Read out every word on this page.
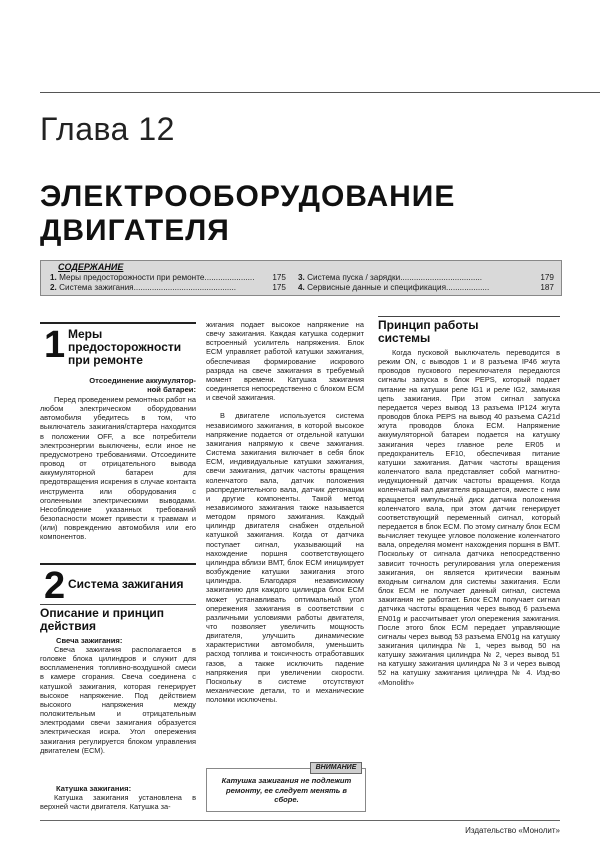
Глава 12
ЭЛЕКТРООБОРУДОВАНИЕ
ДВИГАТЕЛЯ
СОДЕРЖАНИЕ
1. Меры предосторожности при ремонте...................... 175
2. Система зажигания.............................................	175
3. Система пуска / зарядки....................................	179
4. Сервисные данные и спецификация...................	187
1 Меры
предосторожности
при ремонте
Отсоединение аккумулятор-
ной батареи:

Перед проведением ремонтных работ на любом электрическом оборудовании автомобиля убедитесь в том, что выключатель зажигания/стартера находится в положении OFF, а все потребители электроэнергии выключены, если иное не предусмотрено требованиями. Отсоедините провод от отрицательного вывода аккумуляторной батареи для предотвращения искрения в случае контакта инструмента или оборудования с оголенными электрическими выводами. Несоблюдение указанных требований безопасности может привести к травмам и (или) повреждению автомобиля или его компонентов.

2 Система зажигания
Описание и принцип
действия
Свеча зажигания:

Свеча зажигания располагается в головке блока цилиндров и служит для воспламенения топливно-воздушной смеси в камере сгорания. Свеча соединена с катушкой зажигания, которая генерирует высокое напряжение. Под действием высокого напряжения между положительным и отрицательным электродами свечи зажигания образуется электрическая искра. Угол опережения зажигания регулируется блоком управления двигателем (ECM).

Катушка зажигания:

Катушка зажигания установлена в верхней части двигателя. Катушка за-

жигания подает высокое напряжение на свечу зажигания. Каждая катушка содержит встроенный усилитель напряжения. Блок ECM управляет работой катушки зажигания, обеспечивая формирование искрового разряда на свече зажигания в требуемый момент времени. Катушка зажигания соединяется непосредственно с блоком ECM и свечой зажигания.

В двигателе используется система независимого зажигания, в которой высокое напряжение подается от отдельной катушки зажигания напрямую к свече зажигания. Система зажигания включает в себя блок ECM, индивидуальные катушки зажигания, свечи зажигания, датчик частоты вращения коленчатого вала, датчик положения распределительного вала, датчик детонации и другие компоненты. Такой метод независимого зажигания также называется методом прямого зажигания. Каждый цилиндр двигателя снабжен отдельной катушкой зажигания. Когда от датчика поступает сигнал, указывающий на нахождение поршня соответствующего цилиндра вблизи ВМТ, блок ECM инициирует возбуждение катушки зажигания этого цилиндра. Благодаря независимому зажиганию для каждого цилиндра блок ECM может устанавливать оптимальный угол опережения зажигания в соответствии с различными условиями работы двигателя, что позволяет увеличить мощность двигателя, улучшить динамические характеристики автомобиля, уменьшить расход топлива и токсичность отработавших газов, а также исключить падение напряжения при увеличении скорости. Поскольку в системе отсутствуют механические детали, то и механические поломки исключены.

ВНИМАНИЕ
Катушка зажигания не подлежит ремонту, ее следует менять в сборе.
Принцип работы
системы

Когда пусковой выключатель переводится в режим ON, с выводов 1 и 8 разъема IP46 жгута проводов пускового переключателя передаются сигналы запуска в блок PEPS, который подает питание на катушки реле IG1 и реле IG2, замыкая цепь зажигания. При этом сигнал запуска передается через вывод 13 разъема IP124 жгута проводов блока PEPS на вывод 40 разъема CA21d жгута проводов блока ECM. Напряжение аккумуляторной батареи подается на катушку зажигания через главное реле ER05 и предохранитель EF10, обеспечивая питание катушки зажигания. Датчик частоты вращения коленчатого вала представляет собой магнитно-индукционный датчик частоты вращения. Когда коленчатый вал двигателя вращается, вместе с ним вращается импульсный диск датчика положения коленчатого вала, при этом датчик генерирует соответствующий переменный сигнал, который передается в блок ECM. По этому сигналу блок ECM вычисляет текущее угловое положение коленчатого вала, определяя момент нахождения поршня в ВМТ. Поскольку от сигнала датчика непосредственно зависит точность регулирования угла опережения зажигания, он является критически важным входным сигналом для системы зажигания. Если блок ECM не получает данный сигнал, система зажигания не работает. Блок ECM получает сигнал датчика частоты вращения через вывод 6 разъема EN01g и рассчитывает угол опережения зажигания. После этого блок ECM передает управляющие сигналы через вывод 53 разъема EN01g на катушку зажигания цилиндра № 1, через вывод 50 на катушку зажигания цилиндра № 2, через вывод 51 на катушку зажигания цилиндра № 3 и через вывод 52 на катушку зажигания цилиндра № 4. Изд-во «Monolith»

Издательство «Монолит»
